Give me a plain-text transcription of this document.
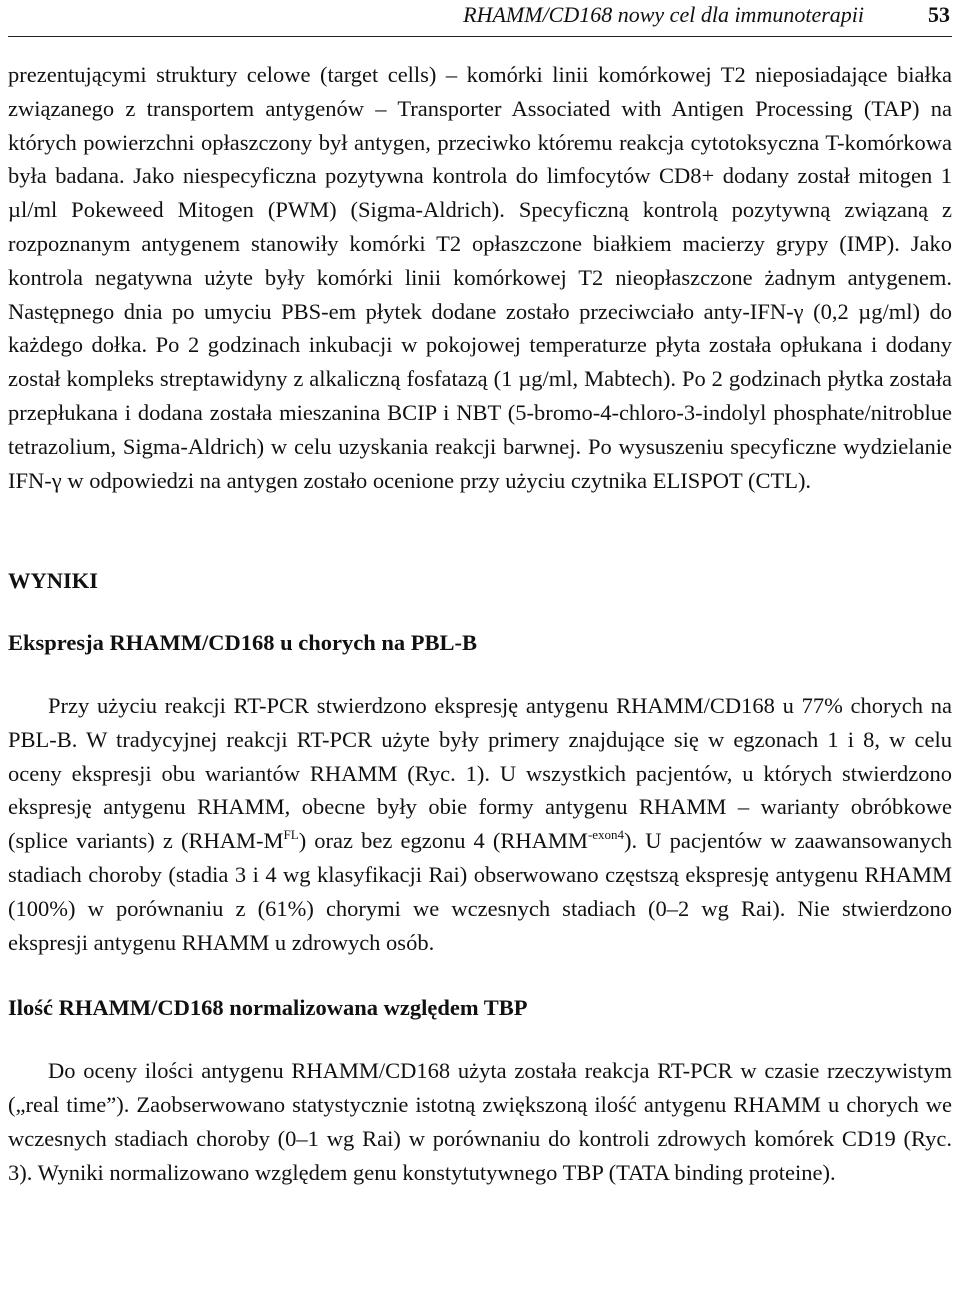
RHAMM/CD168 nowy cel dla immunoterapii	53

prezentującymi struktury celowe (target cells) – komórki linii komórkowej T2 nieposiadające białka związanego z transportem antygenów – Transporter Associated with Antigen Processing (TAP) na których powierzchni opłaszczony był antygen, przeciwko któremu reakcja cytotoksyczna T-komórkowa była badana. Jako niespecyficzna pozytywna kontrola do limfocytów CD8+ dodany został mitogen 1 µl/ml Pokeweed Mitogen (PWM) (Sigma-Aldrich). Specyficzną kontrolą pozytywną związaną z rozpoznanym antygenem stanowiły komórki T2 opłaszczone białkiem macierzy grypy (IMP). Jako kontrola negatywna użyte były komórki linii komórkowej T2 nieopłaszczone żadnym antygenem. Następnego dnia po umyciu PBS-em płytek dodane zostało przeciwciało anty-IFN-γ (0,2 µg/ml) do każdego dołka. Po 2 godzinach inkubacji w pokojowej temperaturze płyta została opłukana i dodany został kompleks streptawidyny z alkaliczną fosfatazą (1 µg/ml, Mabtech). Po 2 godzinach płytka została przepłukana i dodana została mieszanina BCIP i NBT (5-bromo-4-chloro-3-indolyl phosphate/nitroblue tetrazolium, Sigma-Aldrich) w celu uzyskania reakcji barwnej. Po wysuszeniu specyficzne wydzielanie IFN-γ w odpowiedzi na antygen zostało ocenione przy użyciu czytnika ELISPOT (CTL).

WYNIKI
Ekspresja RHAMM/CD168 u chorych na PBL-B

Przy użyciu reakcji RT-PCR stwierdzono ekspresję antygenu RHAMM/CD168 u 77% chorych na PBL-B. W tradycyjnej reakcji RT-PCR użyte były primery znajdujące się w egzonach 1 i 8, w celu oceny ekspresji obu wariantów RHAMM (Ryc. 1). U wszystkich pacjentów, u których stwierdzono ekspresję antygenu RHAMM, obecne były obie formy antygenu RHAMM – warianty obróbkowe (splice variants) z $(RHAM-M^{FL})$ oraz bez egzonu 4 $(RHAMM^{-exon4})$. U pacjentów w zaawansowanych stadiach choroby (stadia 3 i 4 wg klasyfikacji Rai) obserwowano częstszą ekspresję antygenu RHAMM (100%) w porównaniu z (61%) chorymi we wczesnych stadiach (0–2 wg Rai). Nie stwierdzono ekspresji antygenu RHAMM u zdrowych osób.

Ilość RHAMM/CD168 normalizowana względem TBP

Do oceny ilości antygenu RHAMM/CD168 użyta została reakcja RT-PCR w czasie rzeczywistym („real time”). Zaobserwowano statystycznie istotną zwiększoną ilość antygenu RHAMM u chorych we wczesnych stadiach choroby (0–1 wg Rai) w porównaniu do kontroli zdrowych komórek CD19 (Ryc. 3). Wyniki normalizowano względem genu konstytutywnego TBP (TATA binding proteine).
